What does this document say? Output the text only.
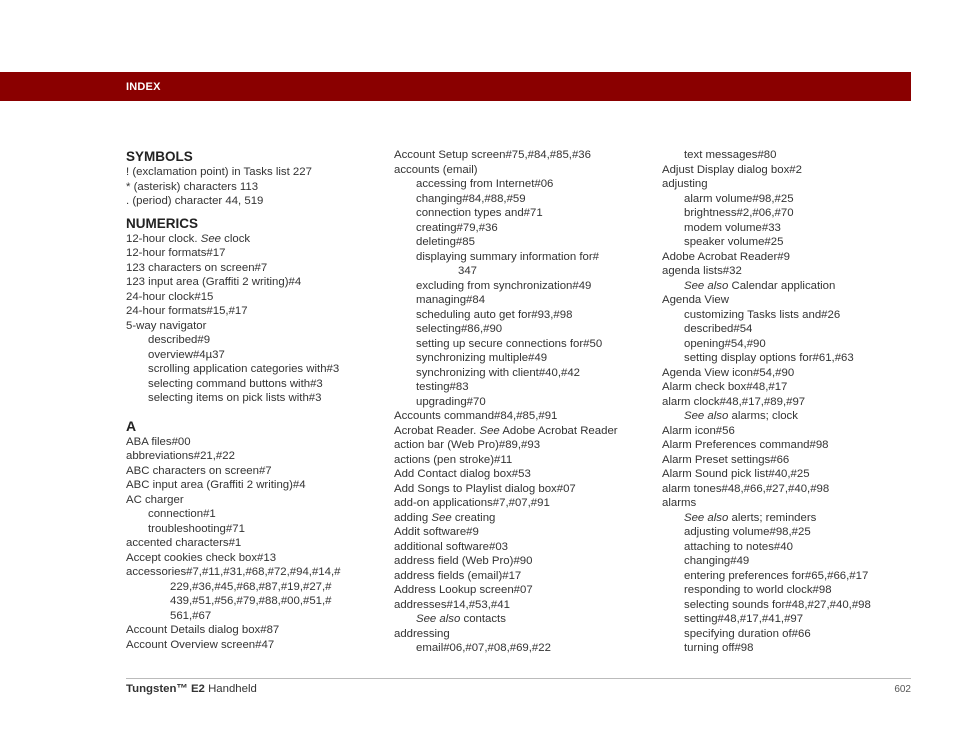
INDEX
SYMBOLS
! (exclamation point) in Tasks list 227
* (asterisk) characters 113
. (period) character 44, 519
NUMERICS
12-hour clock. See clock
12-hour formats#17
123 characters on screen#7
123 input area (Graffiti 2 writing)#4
24-hour clock#15
24-hour formats#15,#17
5-way navigator
described#9
overview#4µ37
scrolling application categories with#3
selecting command buttons with#3
selecting items on pick lists with#3
A
ABA files#00
abbreviations#21,#22
ABC characters on screen#7
ABC input area (Graffiti 2 writing)#4
AC charger
connection#1
troubleshooting#71
accented characters#1
Accept cookies check box#13
accessories#7,#11,#31,#68,#72,#94,#14,#
229,#36,#45,#68,#87,#19,#27,#
439,#51,#56,#79,#88,#00,#51,#
561,#67
Account Details dialog box#87
Account Overview screen#47
Account Setup screen#75,#84,#85,#36
accounts (email)
accessing from Internet#06
changing#84,#88,#59
connection types and#71
creating#79,#36
deleting#85
displaying summary information for#
347
excluding from synchronization#49
managing#84
scheduling auto get for#93,#98
selecting#86,#90
setting up secure connections for#50
synchronizing multiple#49
synchronizing with client#40,#42
testing#83
upgrading#70
Accounts command#84,#85,#91
Acrobat Reader. See Adobe Acrobat Reader
action bar (Web Pro)#89,#93
actions (pen stroke)#11
Add Contact dialog box#53
Add Songs to Playlist dialog box#07
add-on applications#7,#07,#91
adding See creating
Addit software#9
additional software#03
address field (Web Pro)#90
address fields (email)#17
Address Lookup screen#07
addresses#14,#53,#41
See also contacts
addressing
email#06,#07,#08,#69,#22
text messages#80
Adjust Display dialog box#2
adjusting
alarm volume#98,#25
brightness#2,#06,#70
modem volume#33
speaker volume#25
Adobe Acrobat Reader#9
agenda lists#32
See also Calendar application
Agenda View
customizing Tasks lists and#26
described#54
opening#54,#90
setting display options for#61,#63
Agenda View icon#54,#90
Alarm check box#48,#17
alarm clock#48,#17,#89,#97
See also alarms; clock
Alarm icon#56
Alarm Preferences command#98
Alarm Preset settings#66
Alarm Sound pick list#40,#25
alarm tones#48,#66,#27,#40,#98
alarms
See also alerts; reminders
adjusting volume#98,#25
attaching to notes#40
changing#49
entering preferences for#65,#66,#17
responding to world clock#98
selecting sounds for#48,#27,#40,#98
setting#48,#17,#41,#97
specifying duration of#66
turning off#98
Tungsten™ E2 Handheld	602
